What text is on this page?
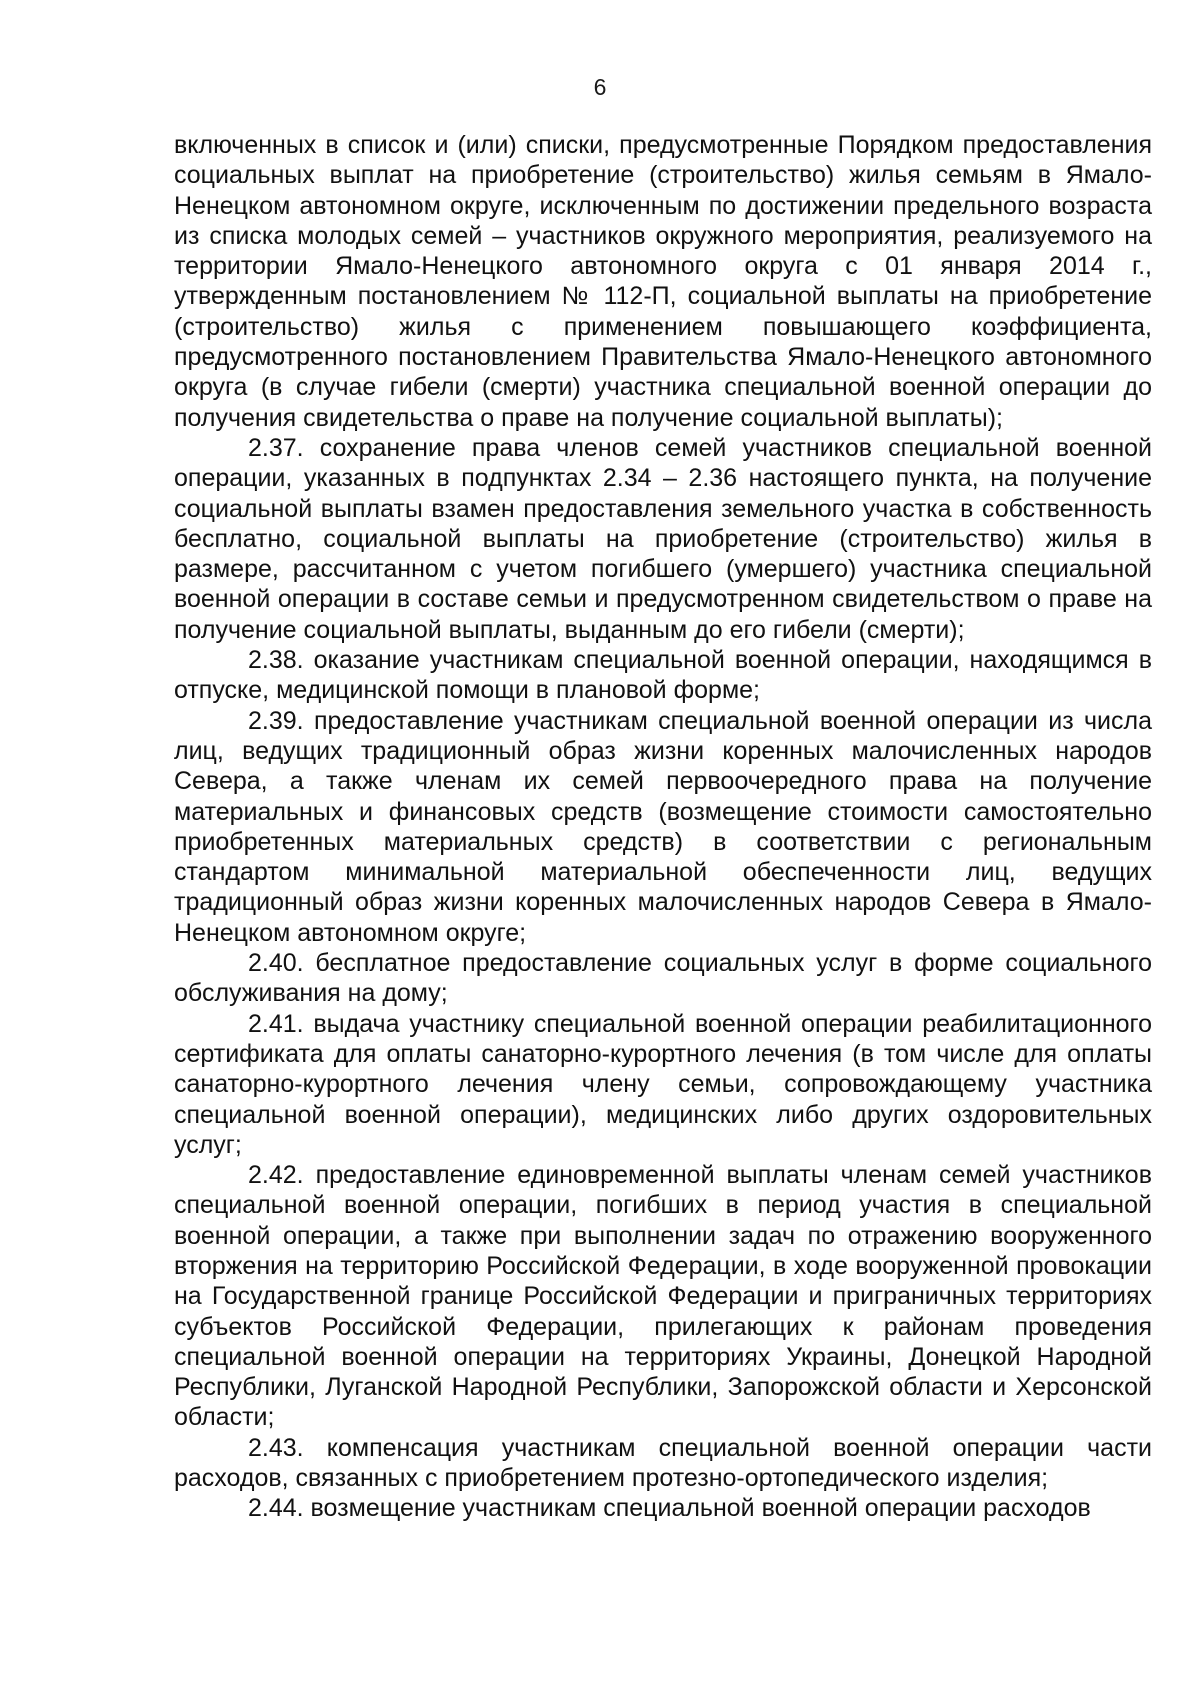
6

включенных в список и (или) списки, предусмотренные Порядком предоставления социальных выплат на приобретение (строительство) жилья семьям в Ямало-Ненецком автономном округе, исключенным по достижении предельного возраста из списка молодых семей – участников окружного мероприятия, реализуемого на территории Ямало-Ненецкого автономного округа с 01 января 2014 г., утвержденным постановлением № 112-П, социальной выплаты на приобретение (строительство) жилья с применением повышающего коэффициента, предусмотренного постановлением Правительства Ямало-Ненецкого автономного округа (в случае гибели (смерти) участника специальной военной операции до получения свидетельства о праве на получение социальной выплаты);

2.37. сохранение права членов семей участников специальной военной операции, указанных в подпунктах 2.34 – 2.36 настоящего пункта, на получение социальной выплаты взамен предоставления земельного участка в собственность бесплатно, социальной выплаты на приобретение (строительство) жилья в размере, рассчитанном с учетом погибшего (умершего) участника специальной военной операции в составе семьи и предусмотренном свидетельством о праве на получение социальной выплаты, выданным до его гибели (смерти);

2.38. оказание участникам специальной военной операции, находящимся в отпуске, медицинской помощи в плановой форме;

2.39. предоставление участникам специальной военной операции из числа лиц, ведущих традиционный образ жизни коренных малочисленных народов Севера, а также членам их семей первоочередного права на получение материальных и финансовых средств (возмещение стоимости самостоятельно приобретенных материальных средств) в соответствии с региональным стандартом минимальной материальной обеспеченности лиц, ведущих традиционный образ жизни коренных малочисленных народов Севера в Ямало-Ненецком автономном округе;

2.40. бесплатное предоставление социальных услуг в форме социального обслуживания на дому;

2.41. выдача участнику специальной военной операции реабилитационного сертификата для оплаты санаторно-курортного лечения (в том числе для оплаты санаторно-курортного лечения члену семьи, сопровождающему участника специальной военной операции), медицинских либо других оздоровительных услуг;

2.42. предоставление единовременной выплаты членам семей участников специальной военной операции, погибших в период участия в специальной военной операции, а также при выполнении задач по отражению вооруженного вторжения на территорию Российской Федерации, в ходе вооруженной провокации на Государственной границе Российской Федерации и приграничных территориях субъектов Российской Федерации, прилегающих к районам проведения специальной военной операции на территориях Украины, Донецкой Народной Республики, Луганской Народной Республики, Запорожской области и Херсонской области;

2.43. компенсация участникам специальной военной операции части расходов, связанных с приобретением протезно-ортопедического изделия;

2.44. возмещение участникам специальной военной операции расходов
